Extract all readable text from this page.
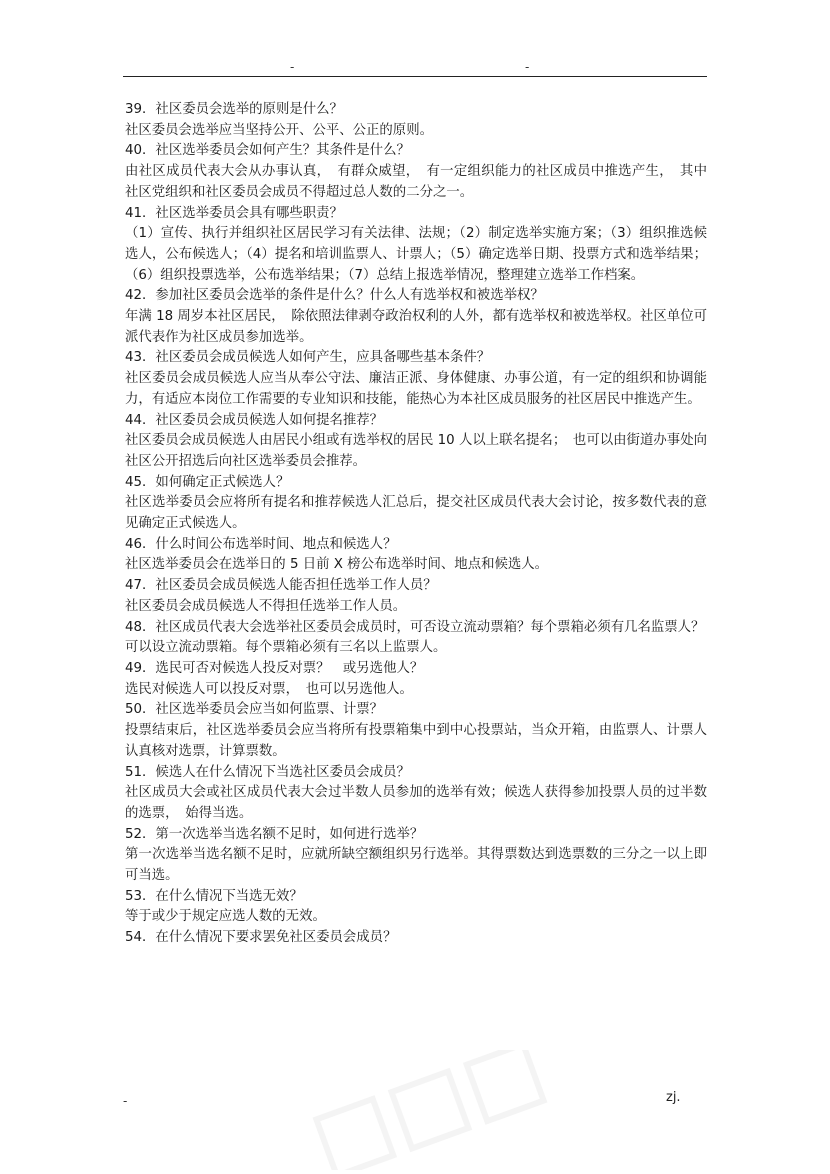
-	-

39．社区委员会选举的原则是什么？

社区委员会选举应当坚持公开、公平、公正的原则。

40．社区选举委员会如何产生？其条件是什么？

由社区成员代表大会从办事认真，　有群众威望，　有一定组织能力的社区成员中推选产生，　其中社区党组织和社区委员会成员不得超过总人数的二分之一。

41．社区选举委员会具有哪些职责？

（1）宣传、执行并组织社区居民学习有关法律、法规；（2）制定选举实施方案；（3）组织推选候选人，公布候选人；（4）提名和培训监票人、计票人；（5）确定选举日期、投票方式和选举结果；（6）组织投票选举，公布选举结果；（7）总结上报选举情况，整理建立选举工作档案。

42．参加社区委员会选举的条件是什么？什么人有选举权和被选举权？

年满 18 周岁本社区居民，　除依照法律剥夺政治权利的人外，都有选举权和被选举权。社区单位可派代表作为社区成员参加选举。

43．社区委员会成员候选人如何产生，应具备哪些基本条件？

社区委员会成员候选人应当从奉公守法、廉洁正派、身体健康、办事公道，有一定的组织和协调能力，有适应本岗位工作需要的专业知识和技能，能热心为本社区成员服务的社区居民中推选产生。

44．社区委员会成员候选人如何提名推荐？

社区委员会成员候选人由居民小组或有选举权的居民 10 人以上联名提名；　也可以由街道办事处向社区公开招选后向社区选举委员会推荐。

45．如何确定正式候选人？

社区选举委员会应将所有提名和推荐候选人汇总后，提交社区成员代表大会讨论，按多数代表的意见确定正式候选人。

46．什么时间公布选举时间、地点和候选人？

社区选举委员会在选举日的 5 日前 X 榜公布选举时间、地点和候选人。

47．社区委员会成员候选人能否担任选举工作人员？

社区委员会成员候选人不得担任选举工作人员。

48．社区成员代表大会选举社区委员会成员时，可否设立流动票箱？每个票箱必须有几名监票人？

可以设立流动票箱。每个票箱必须有三名以上监票人。

49．选民可否对候选人投反对票？　或另选他人？

选民对候选人可以投反对票，　也可以另选他人。

50．社区选举委员会应当如何监票、计票？

投票结束后，社区选举委员会应当将所有投票箱集中到中心投票站，当众开箱，由监票人、计票人认真核对选票，计算票数。

51．候选人在什么情况下当选社区委员会成员？

社区成员大会或社区成员代表大会过半数人员参加的选举有效；候选人获得参加投票人员的过半数的选票，　始得当选。

52．第一次选举当选名额不足时，如何进行选举？

第一次选举当选名额不足时，应就所缺空额组织另行选举。其得票数达到选票数的三分之一以上即可当选。

53．在什么情况下当选无效？

等于或少于规定应选人数的无效。

54．在什么情况下要求罢免社区委员会成员？

-	zj.
